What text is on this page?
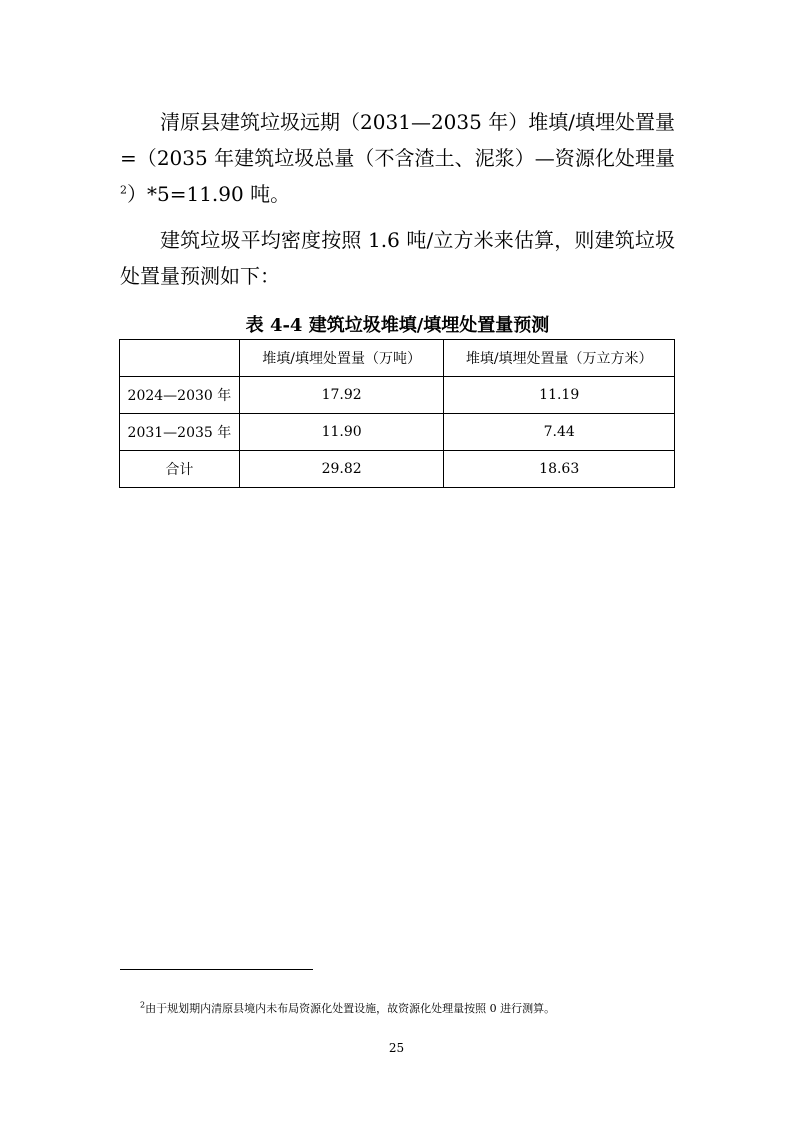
清原县建筑垃圾远期（2031—2035 年）堆填/填埋处置量=（2035 年建筑垃圾总量（不含渣土、泥浆）—资源化处理量$^2$）*5=11.90 吨。

建筑垃圾平均密度按照 1.6 吨/立方米来估算，则建筑垃圾处置量预测如下：

表 4-4 建筑垃圾堆填/填埋处置量预测
	堆填/填埋处置量（万吨）	堆填/填埋处置量（万立方米）
2024—2030 年	17.92	11.19
2031—2035 年	11.90	7.44
合计	29.82	18.63
$^2$由于规划期内清原县境内未布局资源化处置设施，故资源化处理量按照 0 进行测算。
25
